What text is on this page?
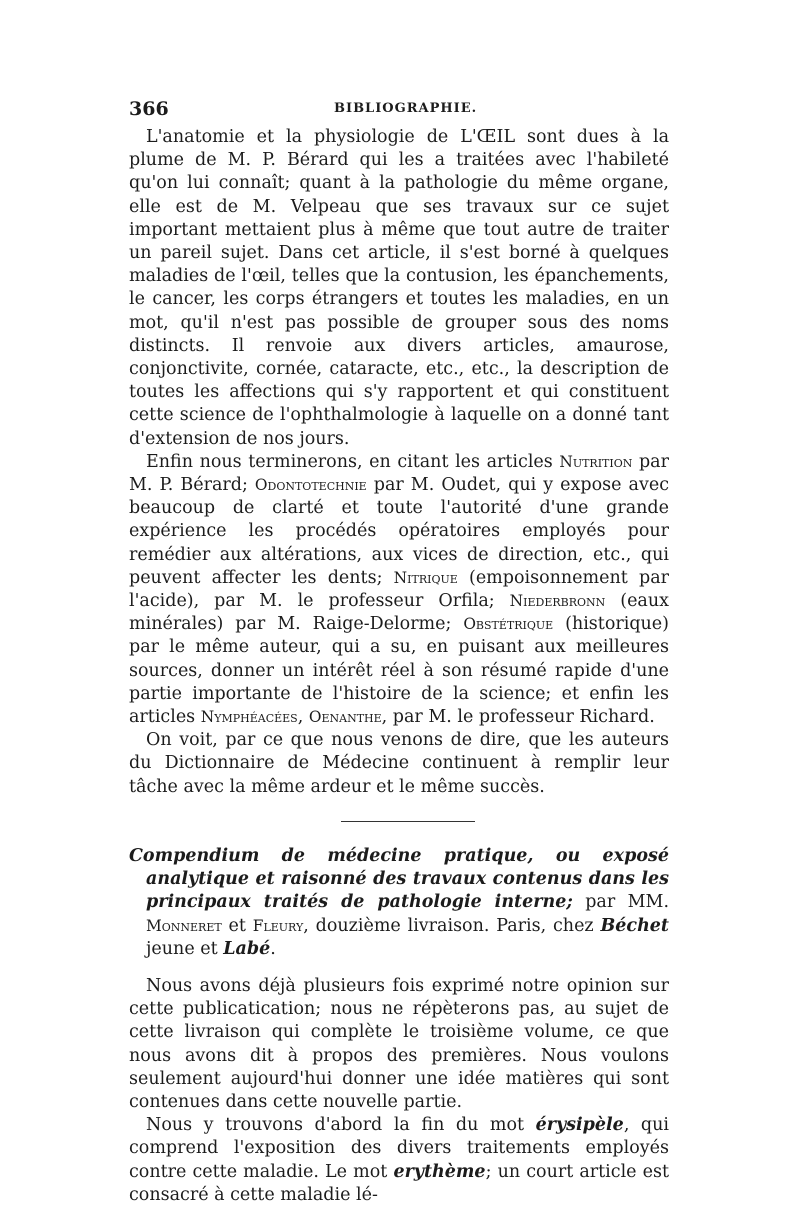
366	BIBLIOGRAPHIE.

L'anatomie et la physiologie de L'ŒIL sont dues à la plume de M. P. Bérard qui les a traitées avec l'habileté qu'on lui connaît; quant à la pathologie du même organe, elle est de M. Velpeau que ses travaux sur ce sujet important mettaient plus à même que tout autre de traiter un pareil sujet. Dans cet article, il s'est borné à quelques maladies de l'œil, telles que la contusion, les épanchements, le cancer, les corps étrangers et toutes les maladies, en un mot, qu'il n'est pas possible de grouper sous des noms distincts. Il renvoie aux divers articles, amaurose, conjonctivite, cornée, cataracte, etc., etc., la description de toutes les affections qui s'y rapportent et qui constituent cette science de l'ophthalmologie à laquelle on a donné tant d'extension de nos jours.

Enfin nous terminerons, en citant les articles Nutrition par M. P. Bérard; Odontotechnie par M. Oudet, qui y expose avec beaucoup de clarté et toute l'autorité d'une grande expérience les procédés opératoires employés pour remédier aux altérations, aux vices de direction, etc., qui peuvent affecter les dents; Nitrique (empoisonnement par l'acide), par M. le professeur Orfila; Niederbronn (eaux minérales) par M. Raige-Delorme; Obstétrique (historique) par le même auteur, qui a su, en puisant aux meilleures sources, donner un intérêt réel à son résumé rapide d'une partie importante de l'histoire de la science; et enfin les articles Nymphéacées, Oenanthe, par M. le professeur Richard.

On voit, par ce que nous venons de dire, que les auteurs du Dictionnaire de Médecine continuent à remplir leur tâche avec la même ardeur et le même succès.

Compendium de médecine pratique, ou exposé analytique et raisonné des travaux contenus dans les principaux traités de pathologie interne; par MM. Monneret et Fleury, douzième livraison. Paris, chez Béchet jeune et Labé.

Nous avons déjà plusieurs fois exprimé notre opinion sur cette publicatication; nous ne répèterons pas, au sujet de cette livraison qui complète le troisième volume, ce que nous avons dit à propos des premières. Nous voulons seulement aujourd'hui donner une idée matières qui sont contenues dans cette nouvelle partie.

Nous y trouvons d'abord la fin du mot érysipèle, qui comprend l'exposition des divers traitements employés contre cette maladie. Le mot erythème; un court article est consacré à cette maladie lé-
